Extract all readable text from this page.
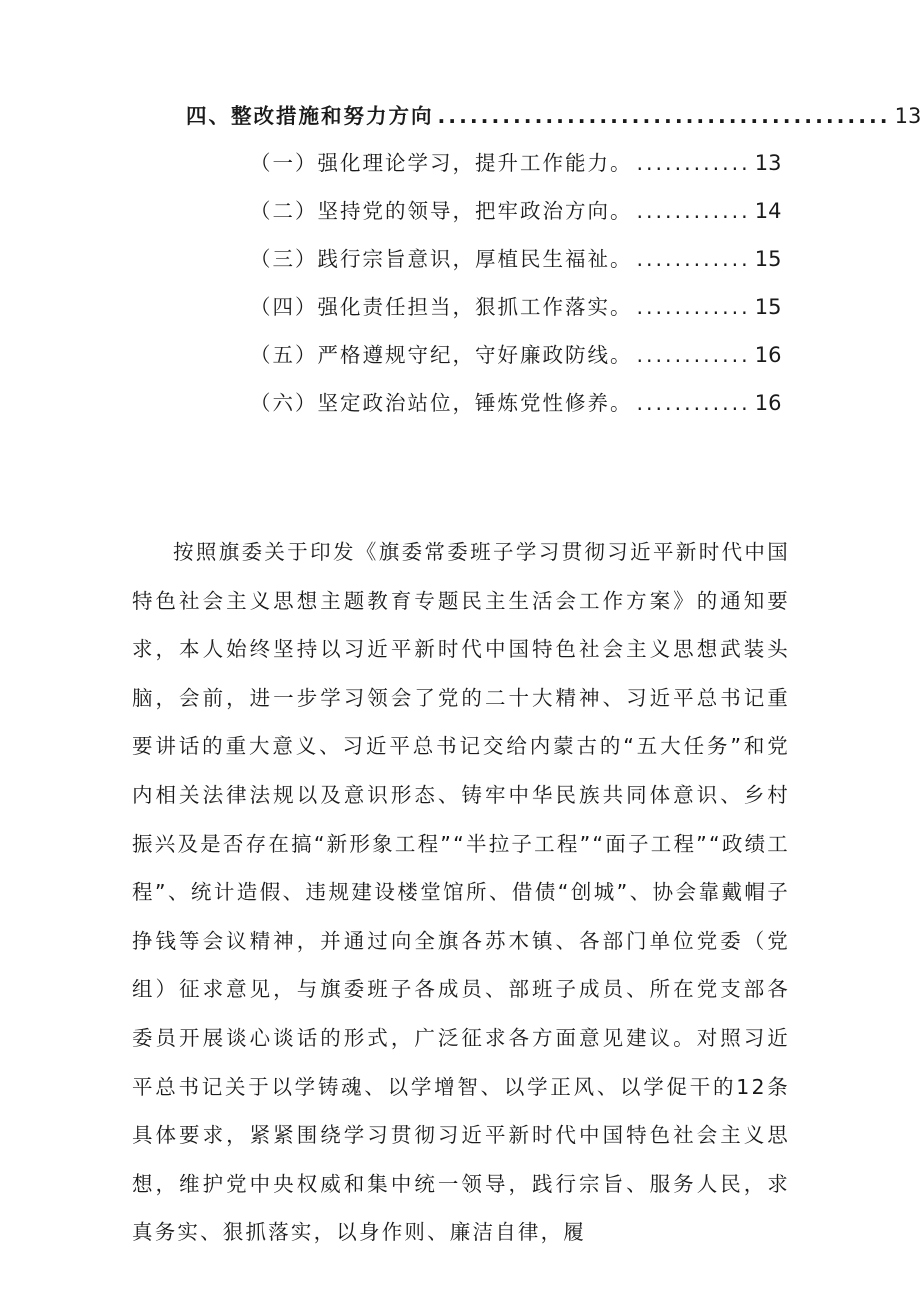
四、整改措施和努力方向 .......................................... 13
（一）强化理论学习，提升工作能力。 ............ 13
（二）坚持党的领导，把牢政治方向。 ............ 14
（三）践行宗旨意识，厚植民生福祉。 ............ 15
（四）强化责任担当，狠抓工作落实。 ............ 15
（五）严格遵规守纪，守好廉政防线。 ............ 16
（六）坚定政治站位，锤炼党性修养。 ............ 16

按照旗委关于印发《旗委常委班子学习贯彻习近平新时代中国特色社会主义思想主题教育专题民主生活会工作方案》的通知要求，本人始终坚持以习近平新时代中国特色社会主义思想武装头脑，会前，进一步学习领会了党的二十大精神、习近平总书记重要讲话的重大意义、习近平总书记交给内蒙古的“五大任务”和党内相关法律法规以及意识形态、铸牢中华民族共同体意识、乡村振兴及是否存在搞“新形象工程”“半拉子工程”“面子工程”“政绩工程”、统计造假、违规建设楼堂馆所、借债“创城”、协会靠戴帽子挣钱等会议精神，并通过向全旗各苏木镇、各部门单位党委（党组）征求意见，与旗委班子各成员、部班子成员、所在党支部各委员开展谈心谈话的形式，广泛征求各方面意见建议。对照习近平总书记关于以学铸魂、以学增智、以学正风、以学促干的12条具体要求，紧紧围绕学习贯彻习近平新时代中国特色社会主义思想，维护党中央权威和集中统一领导，践行宗旨、服务人民，求真务实、狠抓落实，以身作则、廉洁自律，履
